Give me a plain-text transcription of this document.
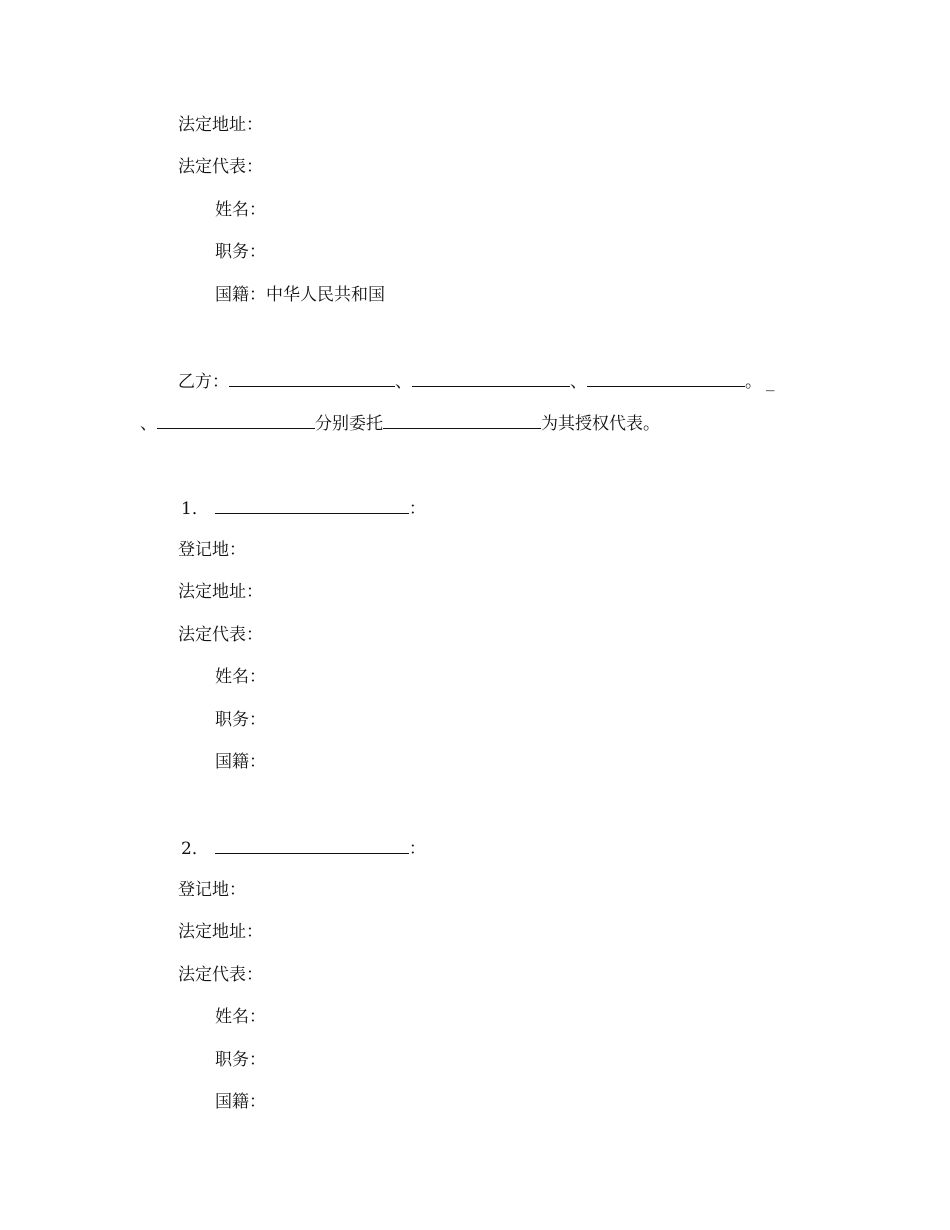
法定地址：
法定代表：
姓名：
职务：
国籍：中华人民共和国
乙方：	、	、	。 _
、	分别委托	为其授权代表。
1．	：
登记地：
法定地址：
法定代表：
姓名：
职务：
国籍：
2．	：
登记地：
法定地址：
法定代表：
姓名：
职务：
国籍：
